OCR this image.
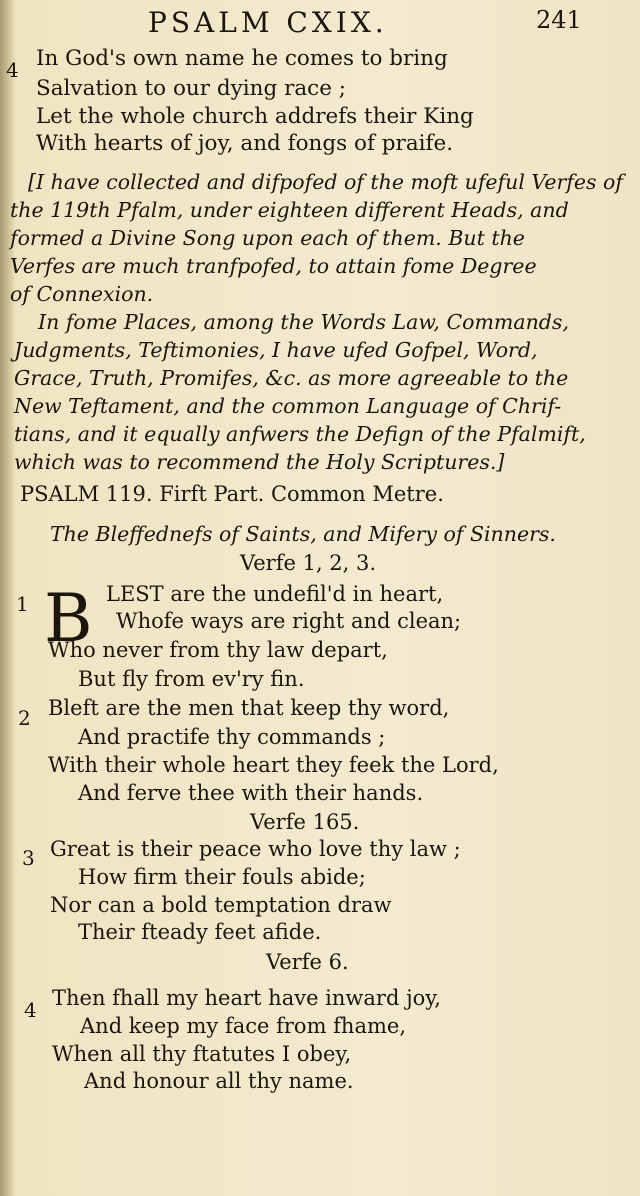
PSALM CXIX.	241
4 In God's own name he comes to bring
Salvation to our dying race ;
Let the whole church addrefs their King
With hearts of joy, and fongs of praife.
[I have collected and difpofed of the moft ufeful Verfes of
the 119th Pfalm, under eighteen different Heads, and
formed a Divine Song upon each of them. But the
Verfes are much tranfpofed, to attain fome Degree
of Connexion.
In fome Places, among the Words Law, Commands,
Judgments, Teftimonies, I have ufed Gofpel, Word,
Grace, Truth, Promifes, &c. as more agreeable to the
New Teftament, and the common Language of Chrif-
tians, and it equally anfwers the Defign of the Pfalmift,
which was to recommend the Holy Scriptures.]
PSALM 119. Firft Part. Common Metre.
The Bleffednefs of Saints, and Mifery of Sinners.
Verfe 1, 2, 3.
1 B LEST are the undefil'd in heart,
Whofe ways are right and clean;
Who never from thy law depart,
But fly from ev'ry fin.
2 Bleft are the men that keep thy word,
And practife thy commands ;
With their whole heart they feek the Lord,
And ferve thee with their hands.
Verfe 165.
3 Great is their peace who love thy law ;
How firm their fouls abide;
Nor can a bold temptation draw
Their fteady feet afide.
Verfe 6.
4 Then fhall my heart have inward joy,
And keep my face from fhame,
When all thy ftatutes I obey,
And honour all thy name.
